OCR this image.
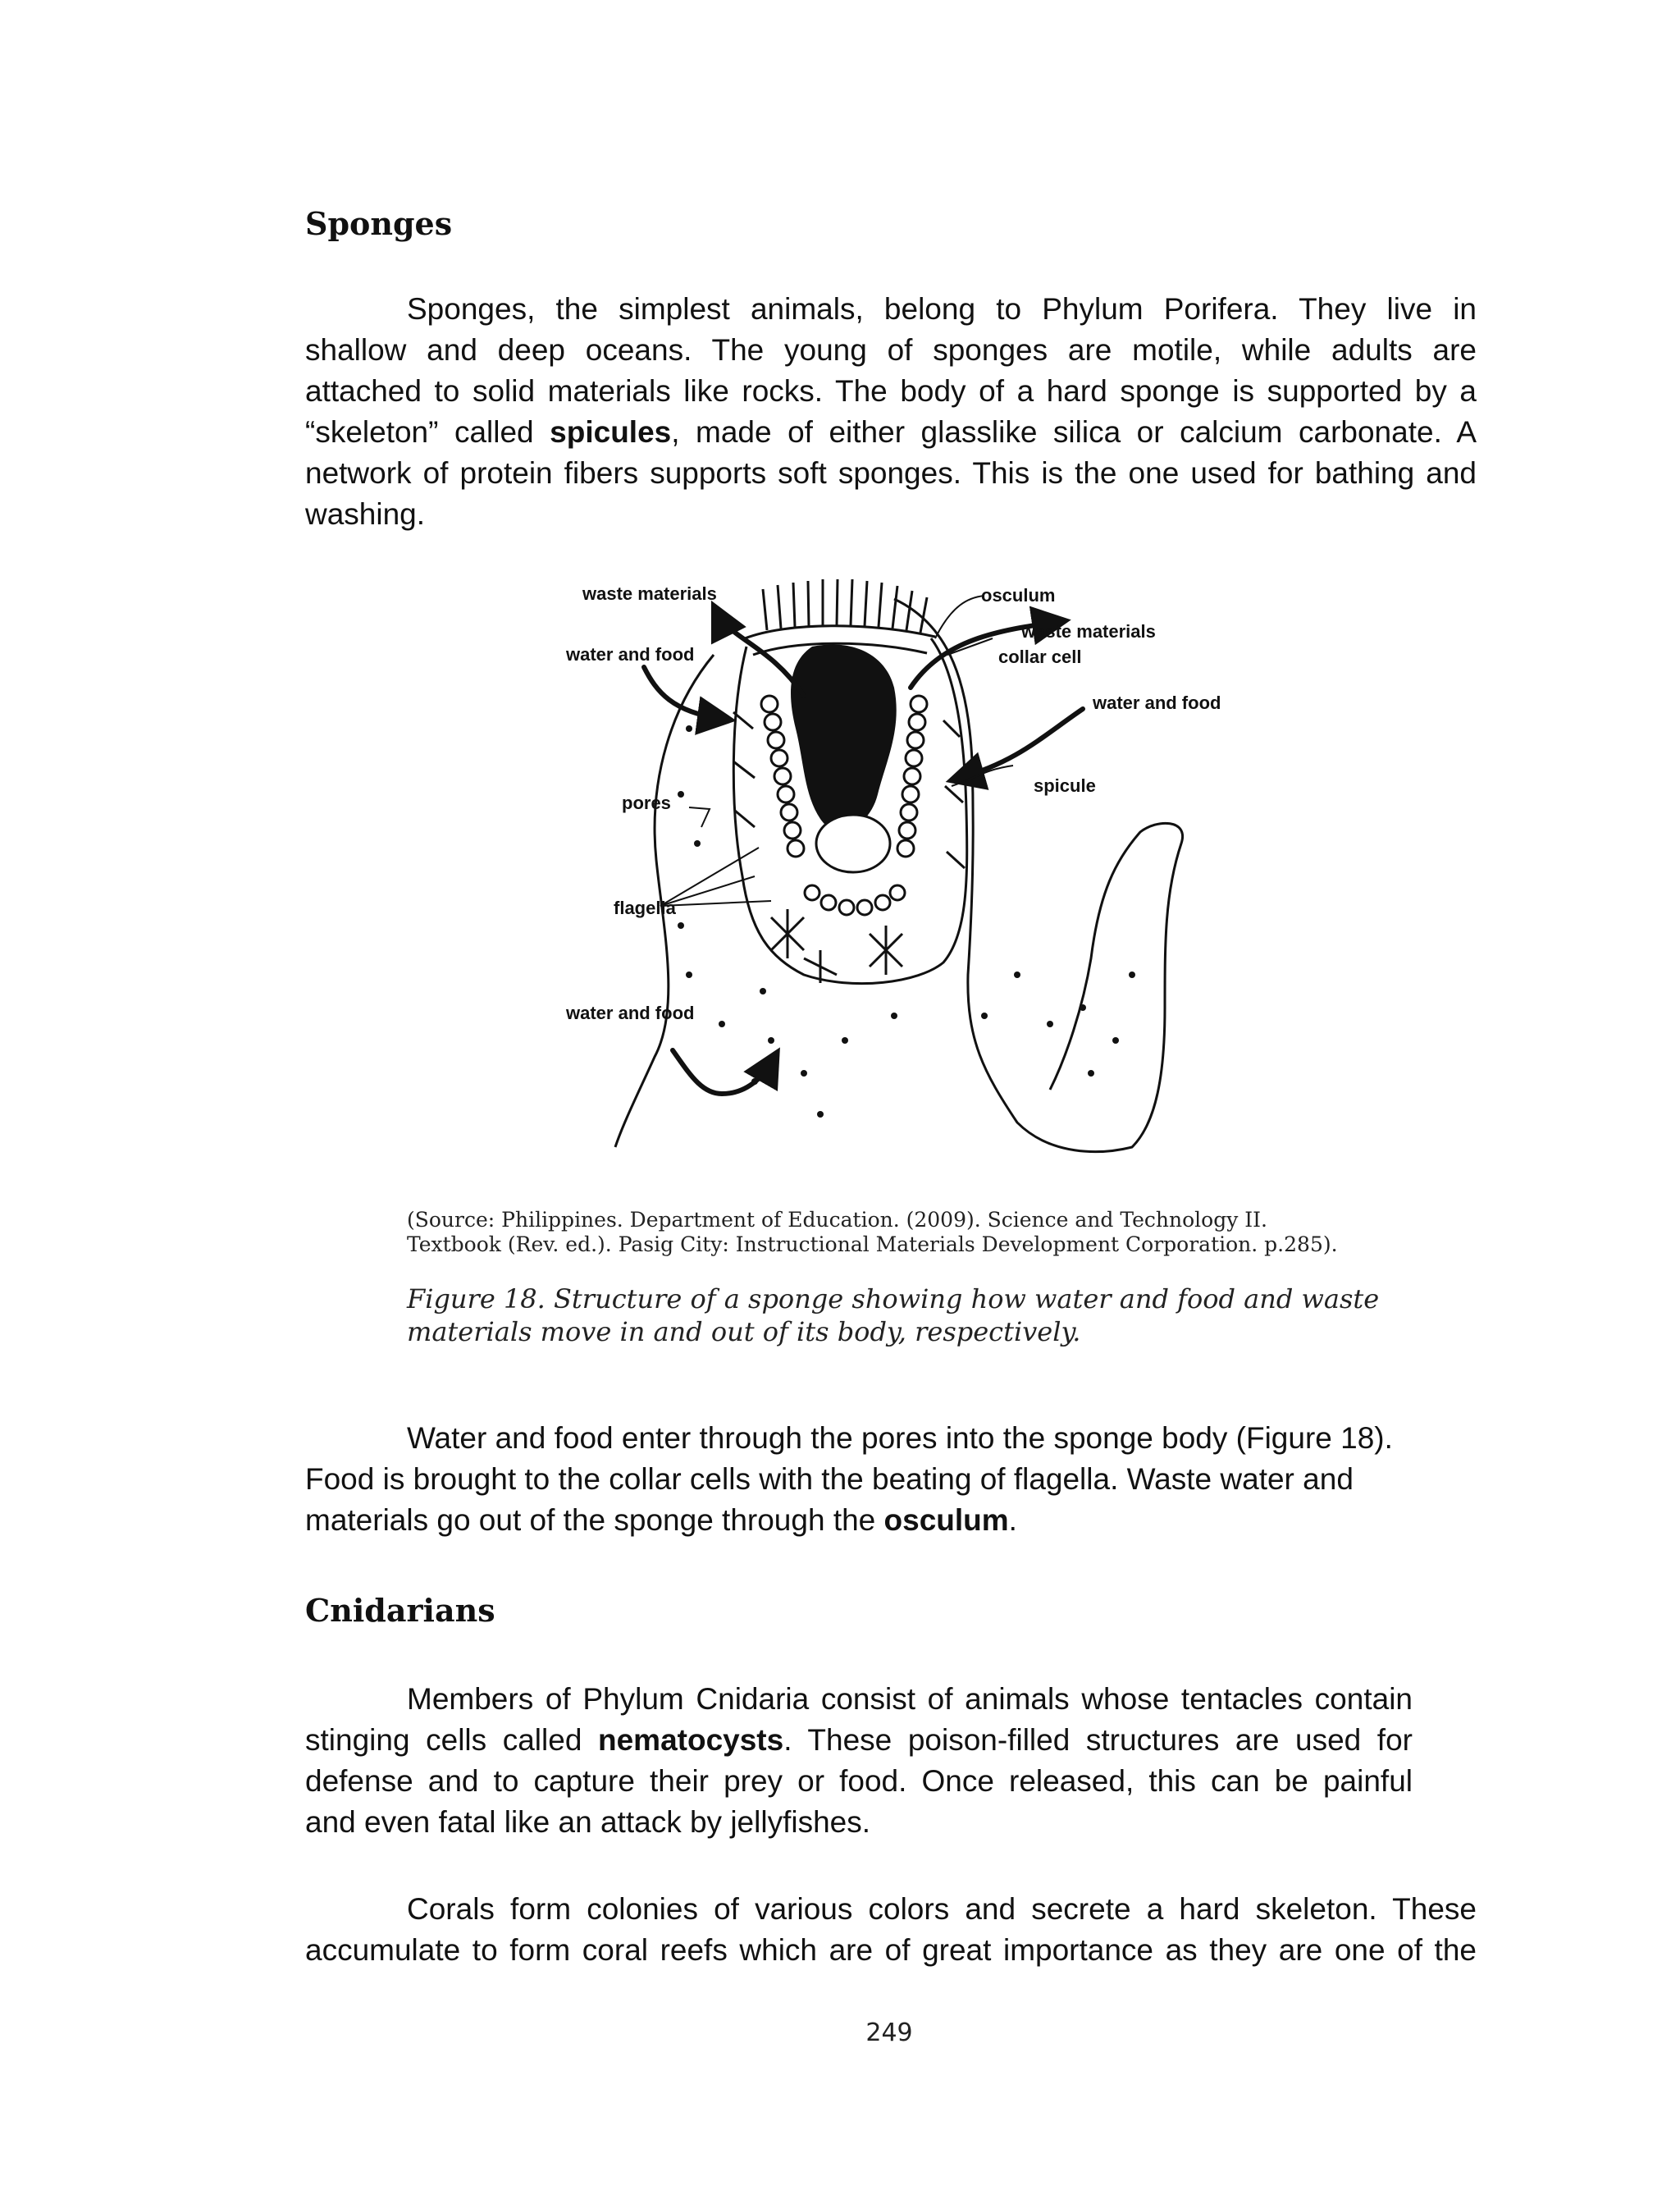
Sponges
Sponges, the simplest animals, belong to Phylum Porifera. They live in
shallow and deep oceans. The young of sponges are motile, while adults are
attached to solid materials like rocks. The body of a hard sponge is supported by a
“skeleton” called spicules, made of either glasslike silica or calcium carbonate. A
network of protein fibers supports soft sponges. This is the one used for bathing and
washing.
waste materials
water and food
osculum
waste materials
collar cell
water and food
spicule
pores
flagella
water and food
(Source: Philippines. Department of Education. (2009). Science and Technology II.
Textbook (Rev. ed.). Pasig City: Instructional Materials Development Corporation. p.285).
Figure 18. Structure of a sponge showing how water and food and waste
materials move in and out of its body, respectively.
Water and food enter through the pores into the sponge body (Figure 18).
Food is brought to the collar cells with the beating of flagella. Waste water and
materials go out of the sponge through the osculum.
Cnidarians
Members of Phylum Cnidaria consist of animals whose tentacles contain
stinging cells called nematocysts. These poison-filled structures are used for
defense and to capture their prey or food. Once released, this can be painful
and even fatal like an attack by jellyfishes.
Corals form colonies of various colors and secrete a hard skeleton. These
accumulate to form coral reefs which are of great importance as they are one of the
249
